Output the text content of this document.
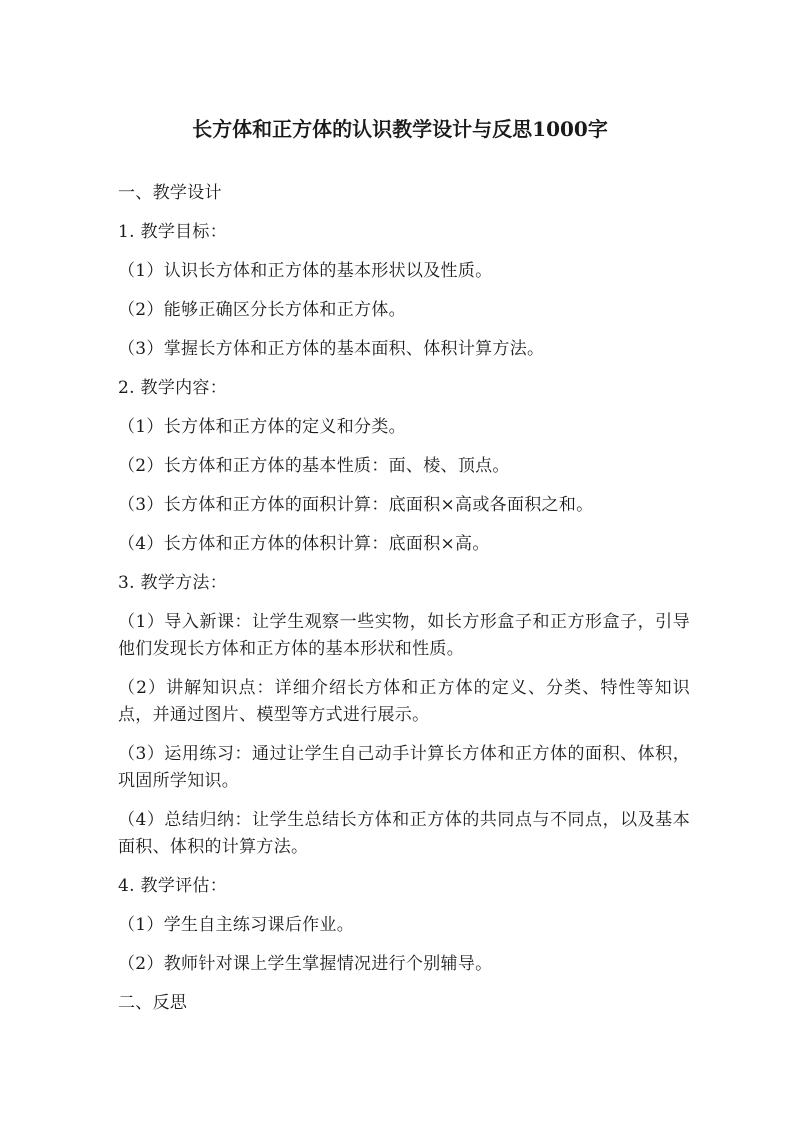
长方体和正方体的认识教学设计与反思1000字

一、教学设计

1. 教学目标：

（1）认识长方体和正方体的基本形状以及性质。

（2）能够正确区分长方体和正方体。

（3）掌握长方体和正方体的基本面积、体积计算方法。

2. 教学内容：

（1）长方体和正方体的定义和分类。

（2）长方体和正方体的基本性质：面、棱、顶点。

（3）长方体和正方体的面积计算：底面积×高或各面积之和。

（4）长方体和正方体的体积计算：底面积×高。

3. 教学方法：

（1）导入新课：让学生观察一些实物，如长方形盒子和正方形盒子，引导他们发现长方体和正方体的基本形状和性质。

（2）讲解知识点：详细介绍长方体和正方体的定义、分类、特性等知识点，并通过图片、模型等方式进行展示。

（3）运用练习：通过让学生自己动手计算长方体和正方体的面积、体积，巩固所学知识。

（4）总结归纳：让学生总结长方体和正方体的共同点与不同点，以及基本面积、体积的计算方法。

4. 教学评估：

（1）学生自主练习课后作业。

（2）教师针对课上学生掌握情况进行个别辅导。

二、反思
